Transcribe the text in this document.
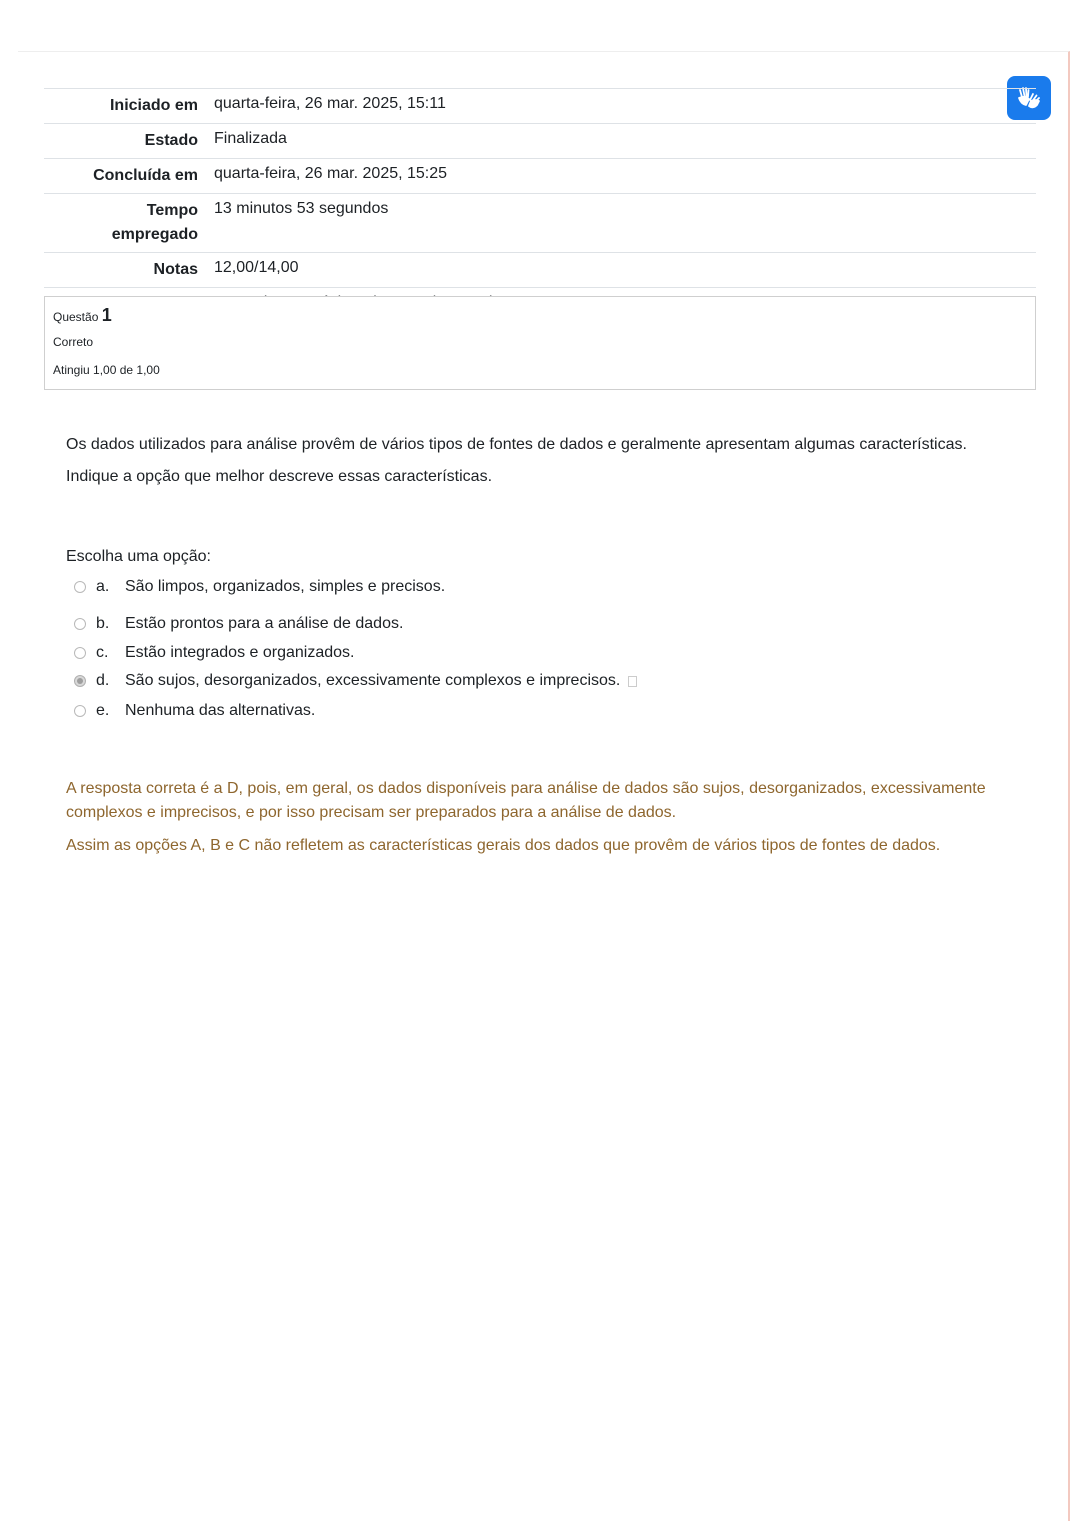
Iniciado em	quarta-feira, 26 mar. 2025, 15:11
Estado	Finalizada
Concluída em	quarta-feira, 26 mar. 2025, 15:25
Tempo
empregado	13 minutos 53 segundos
Notas	12,00/14,00

Questão 1
Correto
Atingiu 1,00 de 1,00

Os dados utilizados para análise provêm de vários tipos de fontes de dados e geralmente apresentam algumas características.

Indique a opção que melhor descreve essas características.

Escolha uma opção:
a. São limpos, organizados, simples e precisos.
b. Estão prontos para a análise de dados.
c.	Estão integrados e organizados.
d. São sujos, desorganizados, excessivamente complexos e imprecisos.
e. Nenhuma das alternativas.

A resposta correta é a D, pois, em geral, os dados disponíveis para análise de dados são sujos, desorganizados, excessivamente complexos e imprecisos, e por isso precisam ser preparados para a análise de dados.

Assim as opções A, B e C não refletem as características gerais dos dados que provêm de vários tipos de fontes de dados.
